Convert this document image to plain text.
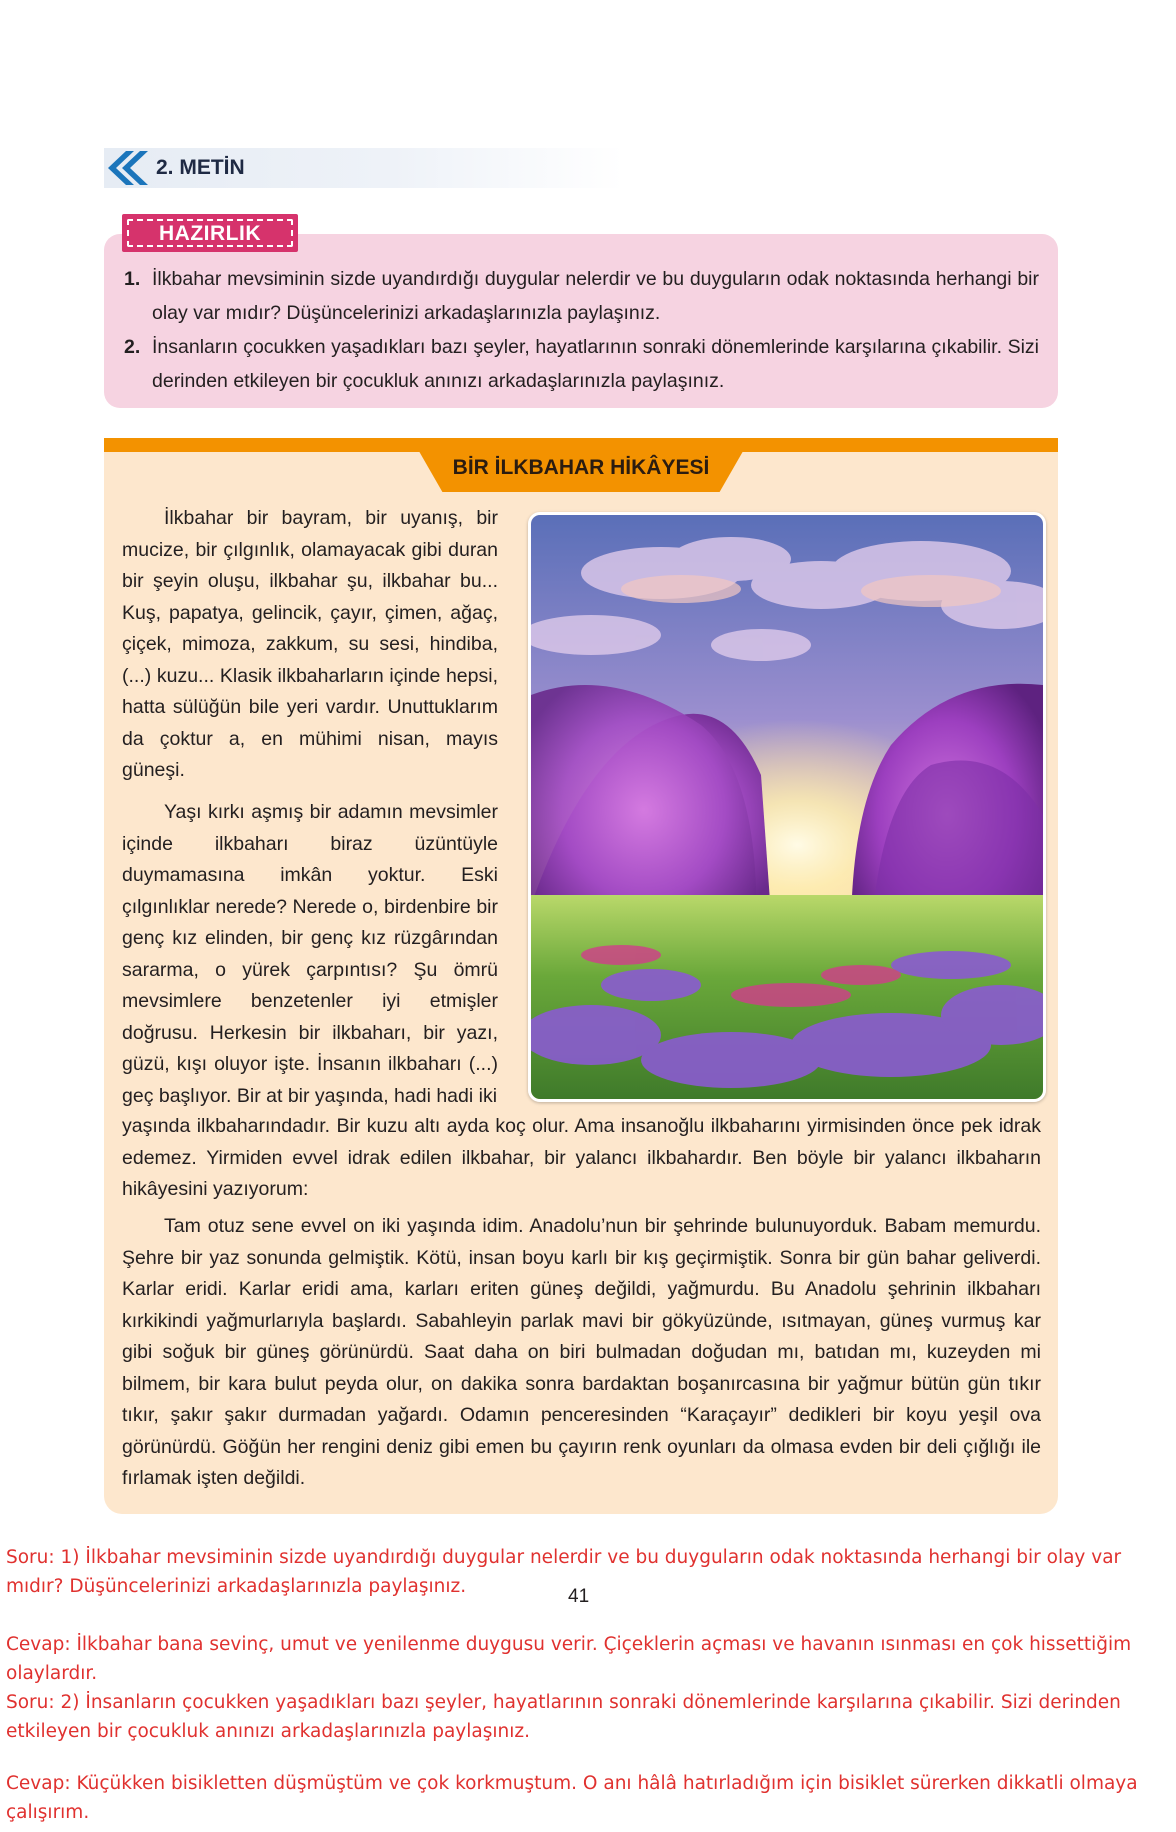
2. METİN
HAZIRLIK
1. İlkbahar mevsiminin sizde uyandırdığı duygular nelerdir ve bu duyguların odak noktasında herhangi bir olay var mıdır? Düşüncelerinizi arkadaşlarınızla paylaşınız.
2. İnsanların çocukken yaşadıkları bazı şeyler, hayatlarının sonraki dönemlerinde karşılarına çıkabilir. Sizi derinden etkileyen bir çocukluk anınızı arkadaşlarınızla paylaşınız.
BİR İLKBAHAR HİKÂYESİ

İlkbahar bir bayram, bir uyanış, bir mucize, bir çılgınlık, olamayacak gibi duran bir şeyin oluşu, ilkbahar şu, ilkbahar bu... Kuş, papatya, gelincik, çayır, çimen, ağaç, çiçek, mimoza, zakkum, su sesi, hindiba, (...) kuzu... Klasik ilkbaharların içinde hepsi, hatta sülüğün bile yeri vardır. Unuttuklarım da çoktur a, en mühimi nisan, mayıs güneşi.

Yaşı kırkı aşmış bir adamın mevsimler içinde ilkbaharı biraz üzüntüyle duymamasına imkân yoktur. Eski çılgınlıklar nerede? Nerede o, birdenbire bir genç kız elinden, bir genç kız rüzgârından sararma, o yürek çarpıntısı? Şu ömrü mevsimlere benzetenler iyi etmişler doğrusu. Herkesin bir ilkbaharı, bir yazı, güzü, kışı oluyor işte. İnsanın ilkbaharı (...) geç başlıyor. Bir at bir yaşında, hadi hadi iki

yaşında ilkbaharındadır. Bir kuzu altı ayda koç olur. Ama insanoğlu ilkbaharını yirmisinden önce pek idrak edemez. Yirmiden evvel idrak edilen ilkbahar, bir yalancı ilkbahardır. Ben böyle bir yalancı ilkbaharın hikâyesini yazıyorum:

Tam otuz sene evvel on iki yaşında idim. Anadolu’nun bir şehrinde bulunuyorduk. Babam memurdu. Şehre bir yaz sonunda gelmiştik. Kötü, insan boyu karlı bir kış geçirmiştik. Sonra bir gün bahar geliverdi. Karlar eridi. Karlar eridi ama, karları eriten güneş değildi, yağmurdu. Bu Anadolu şehrinin ilkbaharı kırkikindi yağmurlarıyla başlardı. Sabahleyin parlak mavi bir gökyüzünde, ısıtmayan, güneş vurmuş kar gibi soğuk bir güneş görünürdü. Saat daha on biri bulmadan doğudan mı, batıdan mı, kuzeyden mi bilmem, bir kara bulut peyda olur, on dakika sonra bardaktan boşanırcasına bir yağmur bütün gün tıkır tıkır, şakır şakır durmadan yağardı. Odamın penceresinden “Karaçayır” dedikleri bir koyu yeşil ova görünürdü. Göğün her rengini deniz gibi emen bu çayırın renk oyunları da olmasa evden bir deli çığlığı ile fırlamak işten değildi.

Soru: 1) İlkbahar mevsiminin sizde uyandırdığı duygular nelerdir ve bu duyguların odak noktasında herhangi bir olay var mıdır? Düşüncelerinizi arkadaşlarınızla paylaşınız.	41
Cevap: İlkbahar bana sevinç, umut ve yenilenme duygusu verir. Çiçeklerin açması ve havanın ısınması en çok hissettiğim olaylardır.
Soru: 2) İnsanların çocukken yaşadıkları bazı şeyler, hayatlarının sonraki dönemlerinde karşılarına çıkabilir. Sizi derinden etkileyen bir çocukluk anınızı arkadaşlarınızla paylaşınız.
Cevap: Küçükken bisikletten düşmüştüm ve çok korkmuştum. O anı hâlâ hatırladığım için bisiklet sürerken dikkatli olmaya çalışırım.
